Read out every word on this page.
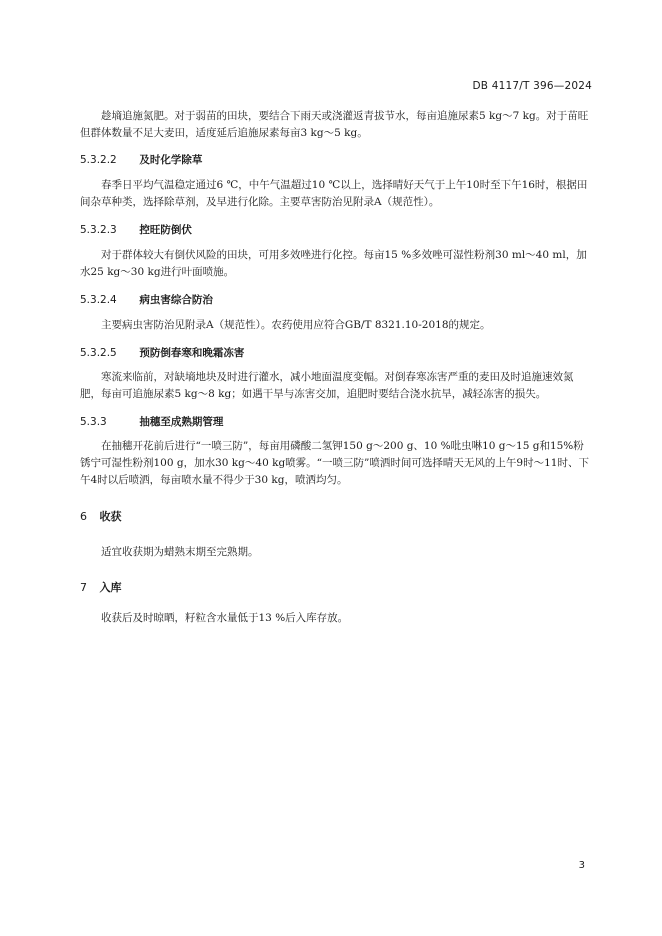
DB 4117/T 396—2024

趁墒追施氮肥。对于弱苗的田块，要结合下雨天或浇灌返青拔节水，每亩追施尿素5 kg～7 kg。对于苗旺但群体数量不足大麦田，适度延后追施尿素每亩3 kg～5 kg。

5.3.2.2 及时化学除草

春季日平均气温稳定通过6 ℃，中午气温超过10 ℃以上，选择晴好天气于上午10时至下午16时，根据田间杂草种类，选择除草剂，及早进行化除。主要草害防治见附录A（规范性）。

5.3.2.3 控旺防倒伏

对于群体较大有倒伏风险的田块，可用多效唑进行化控。每亩15 %多效唑可湿性粉剂30 ml～40 ml，加水25 kg～30 kg进行叶面喷施。

5.3.2.4 病虫害综合防治

主要病虫害防治见附录A（规范性）。农药使用应符合GB/T 8321.10-2018的规定。

5.3.2.5 预防倒春寒和晚霜冻害

寒流来临前，对缺墒地块及时进行灌水，减小地面温度变幅。对倒春寒冻害严重的麦田及时追施速效氮肥，每亩可追施尿素5 kg～8 kg；如遇干旱与冻害交加，追肥时要结合浇水抗旱，减轻冻害的损失。

5.3.3	抽穗至成熟期管理

在抽穗开花前后进行“一喷三防”，每亩用磷酸二氢钾150 g～200 g、10 %吡虫啉10 g～15 g和15%粉锈宁可湿性粉剂100 g，加水30 kg～40 kg喷雾。“一喷三防”喷洒时间可选择晴天无风的上午9时～11时、下午4时以后喷洒，每亩喷水量不得少于30 kg，喷洒均匀。

6 收获

适宜收获期为蜡熟末期至完熟期。

7 入库

收获后及时晾晒，籽粒含水量低于13 %后入库存放。

3
